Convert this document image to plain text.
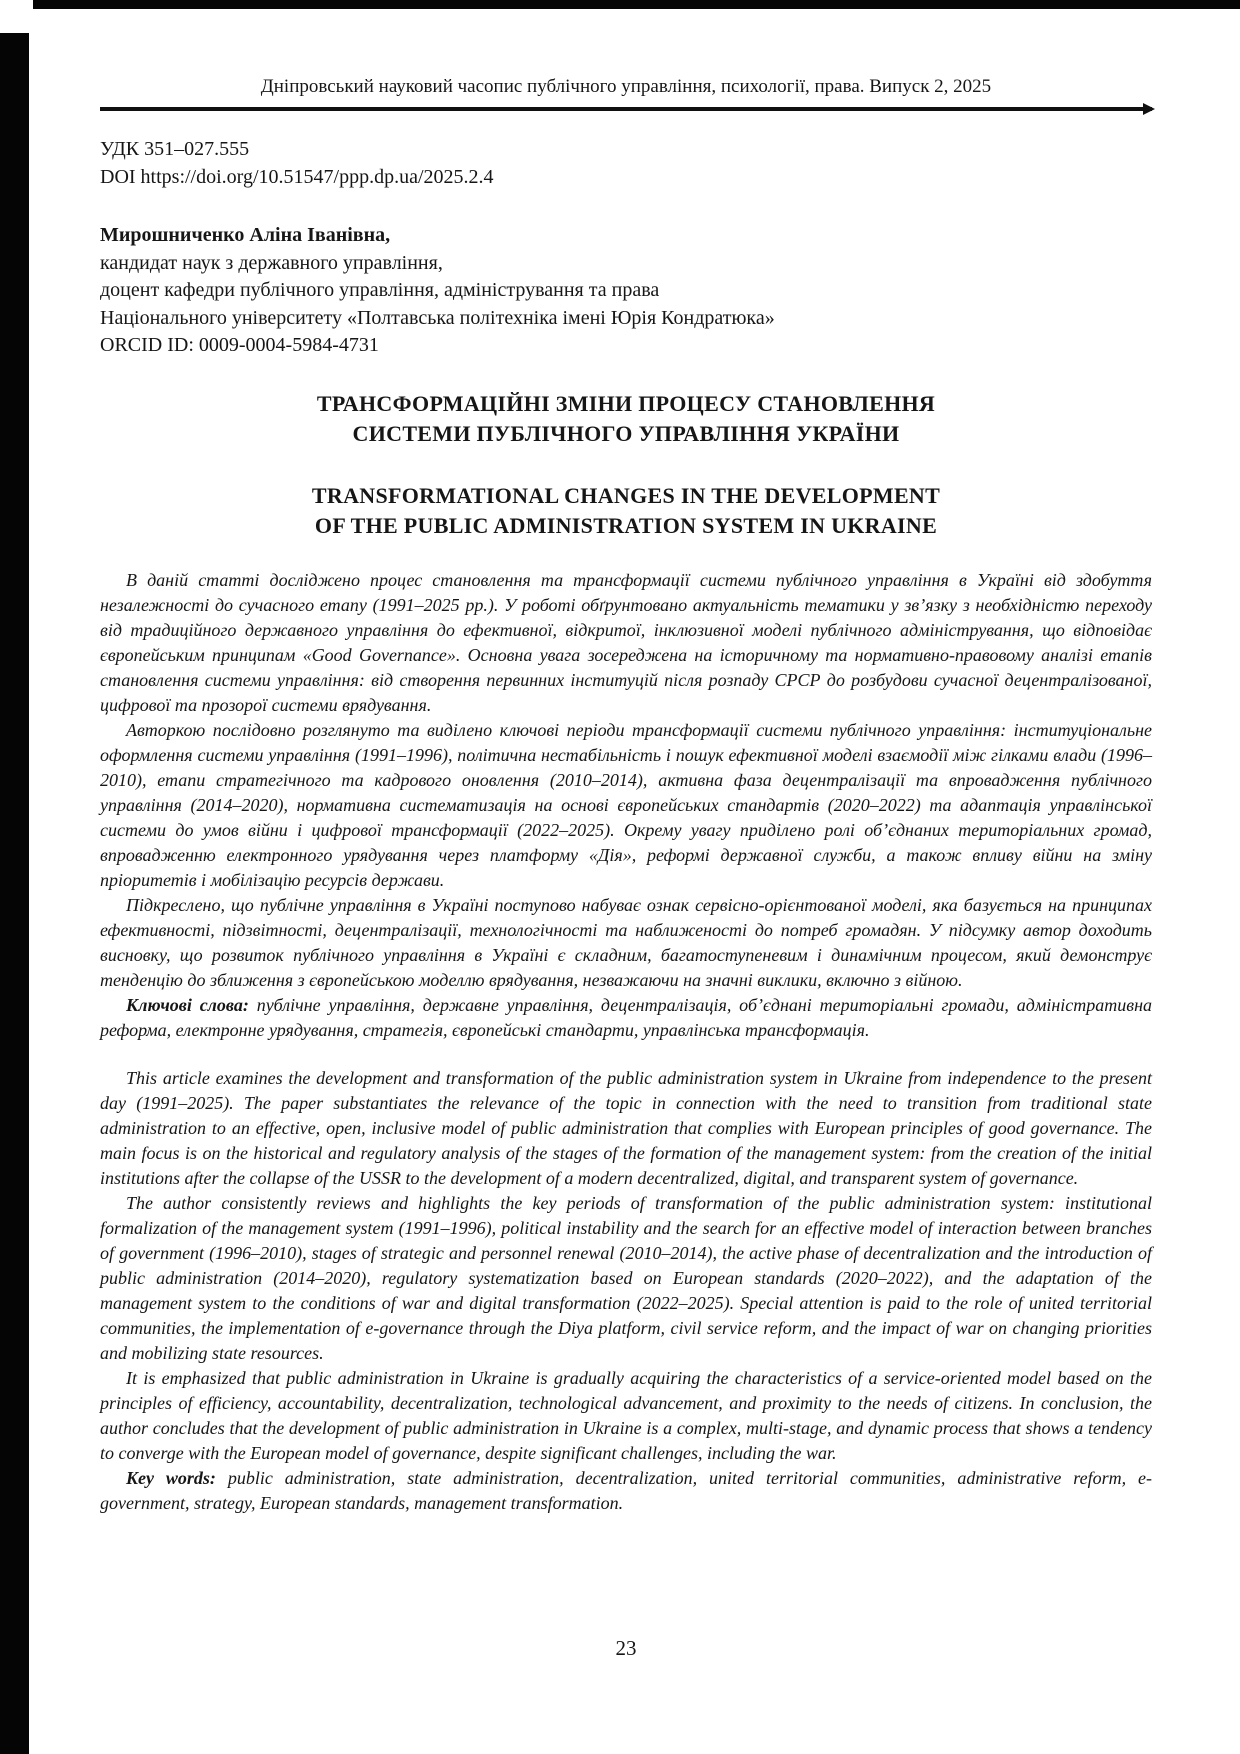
Дніпровський науковий часопис публічного управління, психології, права. Випуск 2, 2025
УДК 351–027.555
DOI https://doi.org/10.51547/ppp.dp.ua/2025.2.4
Мирошниченко Аліна Іванівна,
кандидат наук з державного управління,
доцент кафедри публічного управління, адміністрування та права
Національного університету «Полтавська політехніка імені Юрія Кондратюка»
ORCID ID: 0009-0004-5984-4731
ТРАНСФОРМАЦІЙНІ ЗМІНИ ПРОЦЕСУ СТАНОВЛЕННЯ
СИСТЕМИ ПУБЛІЧНОГО УПРАВЛІННЯ УКРАЇНИ
TRANSFORMATIONAL CHANGES IN THE DEVELOPMENT
OF THE PUBLIC ADMINISTRATION SYSTEM IN UKRAINE

В даній статті досліджено процес становлення та трансформації системи публічного управління в Україні від здобуття незалежності до сучасного етапу (1991–2025 рр.). У роботі обґрунтовано актуальність тематики у зв’язку з необхідністю переходу від традиційного державного управління до ефективної, відкритої, інклюзивної моделі публічного адміністрування, що відповідає європейським принципам «Good Governance». Основна увага зосереджена на історичному та нормативно-правовому аналізі етапів становлення системи управління: від створення первинних інституцій після розпаду СРСР до розбудови сучасної децентралізованої, цифрової та прозорої системи врядування.

Авторкою послідовно розглянуто та виділено ключові періоди трансформації системи публічного управління: інституціональне оформлення системи управління (1991–1996), політична нестабільність і пошук ефективної моделі взаємодії між гілками влади (1996–2010), етапи стратегічного та кадрового оновлення (2010–2014), активна фаза децентралізації та впровадження публічного управління (2014–2020), нормативна систематизація на основі європейських стандартів (2020–2022) та адаптація управлінської системи до умов війни і цифрової трансформації (2022–2025). Окрему увагу приділено ролі об’єднаних територіальних громад, впровадженню електронного урядування через платформу «Дія», реформі державної служби, а також впливу війни на зміну пріоритетів і мобілізацію ресурсів держави.

Підкреслено, що публічне управління в Україні поступово набуває ознак сервісно-орієнтованої моделі, яка базується на принципах ефективності, підзвітності, децентралізації, технологічності та наближеності до потреб громадян. У підсумку автор доходить висновку, що розвиток публічного управління в Україні є складним, багатоступеневим і динамічним процесом, який демонструє тенденцію до зближення з європейською моделлю врядування, незважаючи на значні виклики, включно з війною.

Ключові слова: публічне управління, державне управління, децентралізація, об’єднані територіальні громади, адміністративна реформа, електронне урядування, стратегія, європейські стандарти, управлінська трансформація.

This article examines the development and transformation of the public administration system in Ukraine from independence to the present day (1991–2025). The paper substantiates the relevance of the topic in connection with the need to transition from traditional state administration to an effective, open, inclusive model of public administration that complies with European principles of good governance. The main focus is on the historical and regulatory analysis of the stages of the formation of the management system: from the creation of the initial institutions after the collapse of the USSR to the development of a modern decentralized, digital, and transparent system of governance.

The author consistently reviews and highlights the key periods of transformation of the public administration system: institutional formalization of the management system (1991–1996), political instability and the search for an effective model of interaction between branches of government (1996–2010), stages of strategic and personnel renewal (2010–2014), the active phase of decentralization and the introduction of public administration (2014–2020), regulatory systematization based on European standards (2020–2022), and the adaptation of the management system to the conditions of war and digital transformation (2022–2025). Special attention is paid to the role of united territorial communities, the implementation of e-governance through the Diya platform, civil service reform, and the impact of war on changing priorities and mobilizing state resources.

It is emphasized that public administration in Ukraine is gradually acquiring the characteristics of a service-oriented model based on the principles of efficiency, accountability, decentralization, technological advancement, and proximity to the needs of citizens. In conclusion, the author concludes that the development of public administration in Ukraine is a complex, multi-stage, and dynamic process that shows a tendency to converge with the European model of governance, despite significant challenges, including the war.

Key words: public administration, state administration, decentralization, united territorial communities, administrative reform, e-government, strategy, European standards, management transformation.

23
